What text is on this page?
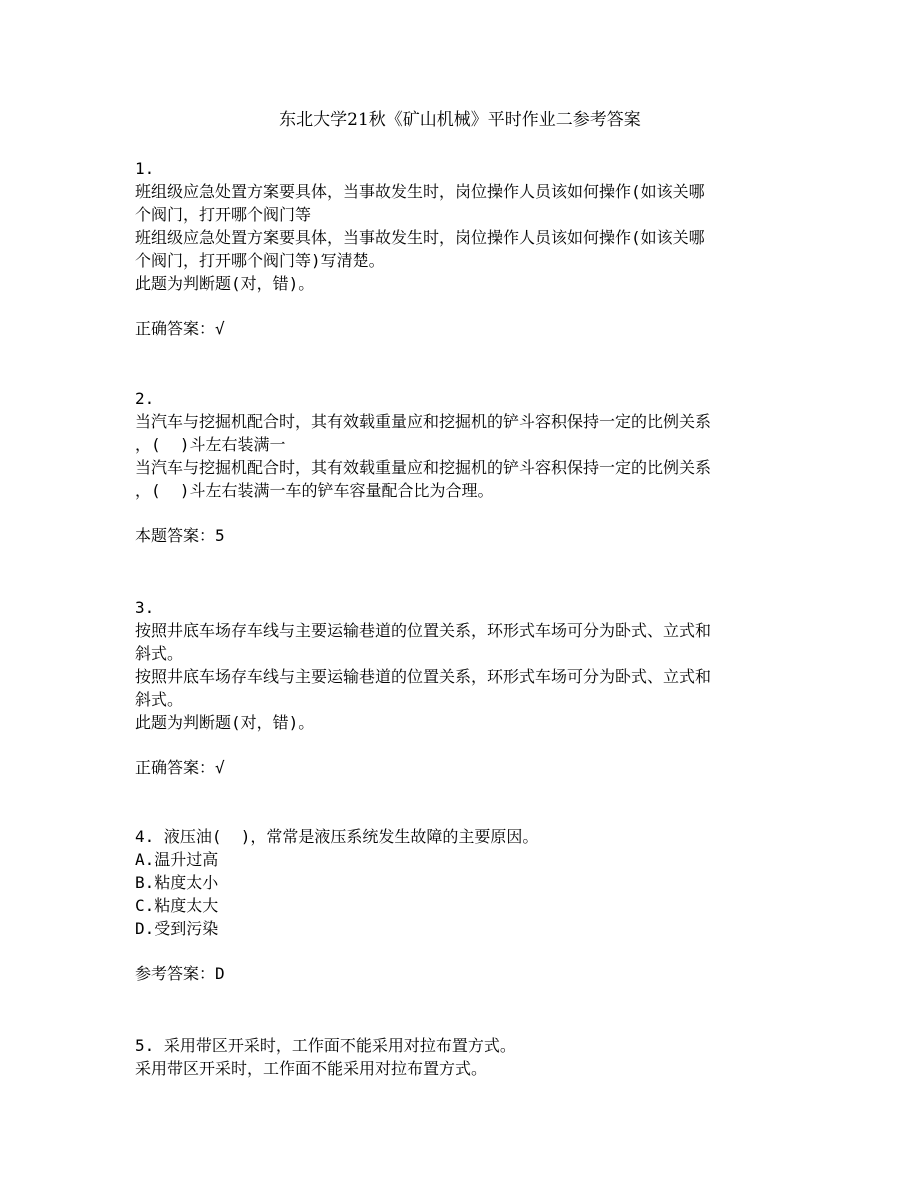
东北大学21秋《矿山机械》平时作业二参考答案
1.
班组级应急处置方案要具体，当事故发生时，岗位操作人员该如何操作(如该关哪
个阀门，打开哪个阀门等
班组级应急处置方案要具体，当事故发生时，岗位操作人员该如何操作(如该关哪
个阀门，打开哪个阀门等)写清楚。
此题为判断题(对，错)。
正确答案：√
2.
当汽车与挖掘机配合时，其有效载重量应和挖掘机的铲斗容积保持一定的比例关系
，(  )斗左右装满一
当汽车与挖掘机配合时，其有效载重量应和挖掘机的铲斗容积保持一定的比例关系
，(  )斗左右装满一车的铲车容量配合比为合理。
本题答案：5
3.
按照井底车场存车线与主要运输巷道的位置关系，环形式车场可分为卧式、立式和
斜式。
按照井底车场存车线与主要运输巷道的位置关系，环形式车场可分为卧式、立式和
斜式。
此题为判断题(对，错)。
正确答案：√
4. 液压油(  )，常常是液压系统发生故障的主要原因。
A.温升过高
B.粘度太小
C.粘度太大
D.受到污染
参考答案：D
5. 采用带区开采时，工作面不能采用对拉布置方式。
采用带区开采时，工作面不能采用对拉布置方式。
